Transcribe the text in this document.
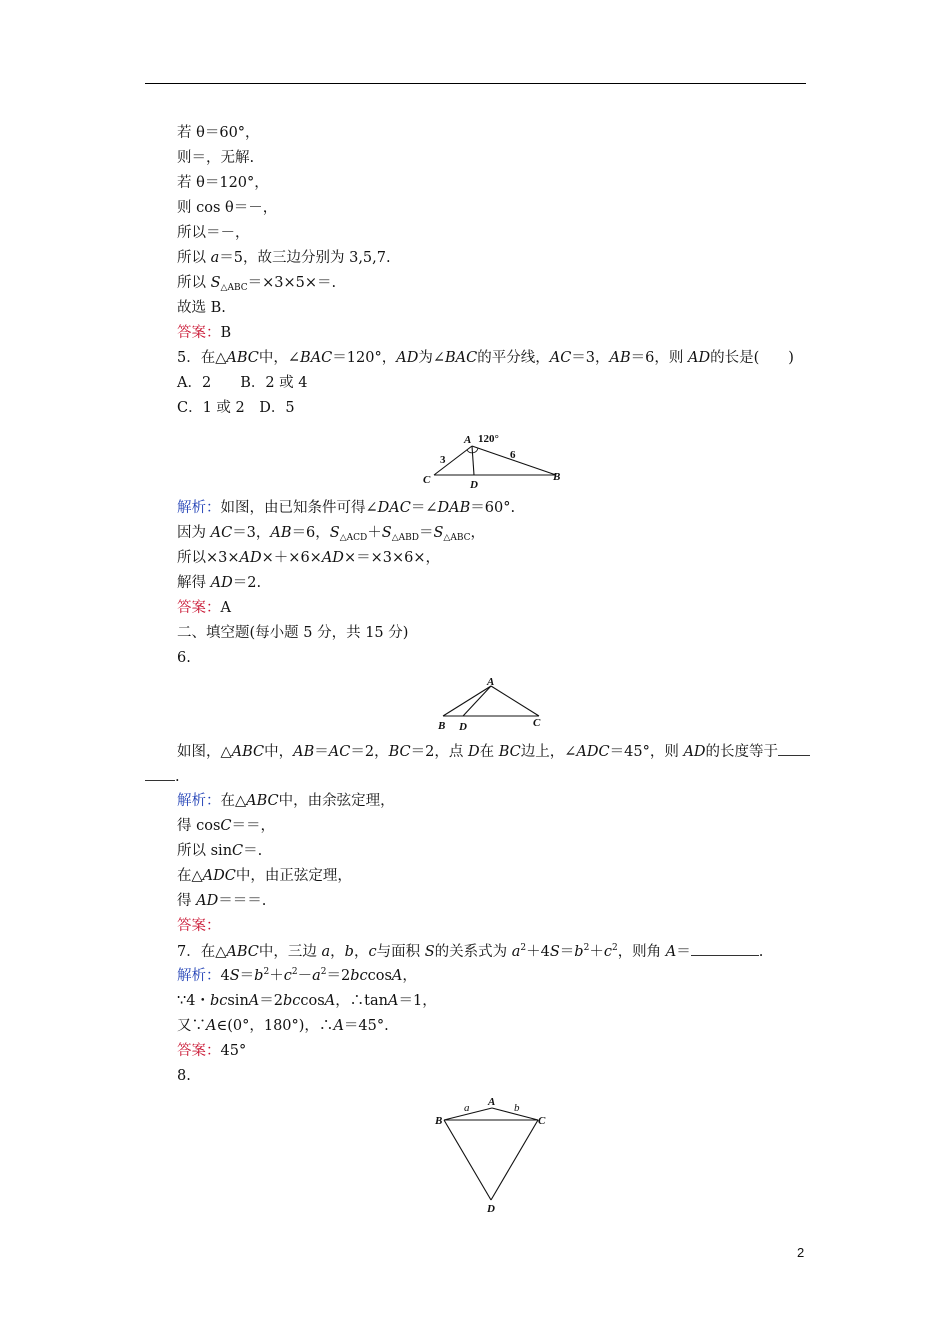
若 θ＝60°，
则＝，无解.
若 θ＝120°，
则 cos θ＝－，
所以＝－，
所以 a＝5，故三边分别为 3,5,7.
所以 $S_{\triangle ABC}=\times 3\times 5\times=$.
故选 B.
答案：B
5．在△ABC中，∠BAC＝120°，AD为∠BAC的平分线，AC＝3，AB＝6，则 AD的长是(　　)
A．2　　B．2 或 4
C．1 或 2　D．5
A 120°
3	6
C	D
B
解析：如图，由已知条件可得∠DAC＝∠DAB＝60°.
因为 AC＝3，AB＝6，$S_{\triangle ACD}+S_{\triangle ABD}=S_{\triangle ABC}$，
所以×3×AD×＋×6×AD×＝×3×6×，
解得 AD＝2.
答案：A
二、填空题(每小题 5 分，共 15 分)
6.
A
B D	C
如图，△ABC中，AB＝AC＝2，BC＝2，点 D在 BC边上，∠ADC＝45°，则 AD的长度等于
.
解析：在△ABC中，由余弦定理，
得 cosC＝＝，
所以 sinC＝.
在△ADC中，由正弦定理，
得 AD＝＝＝.
答案：
7．在△ABC中，三边 a，b，c与面积 S的关系式为 $a^2+4S=b^2+c^2$，则角 A＝	.
解析：$4S=b^2+c^2-a^2=2bccosA$，
∵4・bcsinA＝2bccosA，∴tanA＝1，
又∵A∈(0°，180°)，∴A＝45°.
答案：45°
8.
A
B	C
D
a	b
2
